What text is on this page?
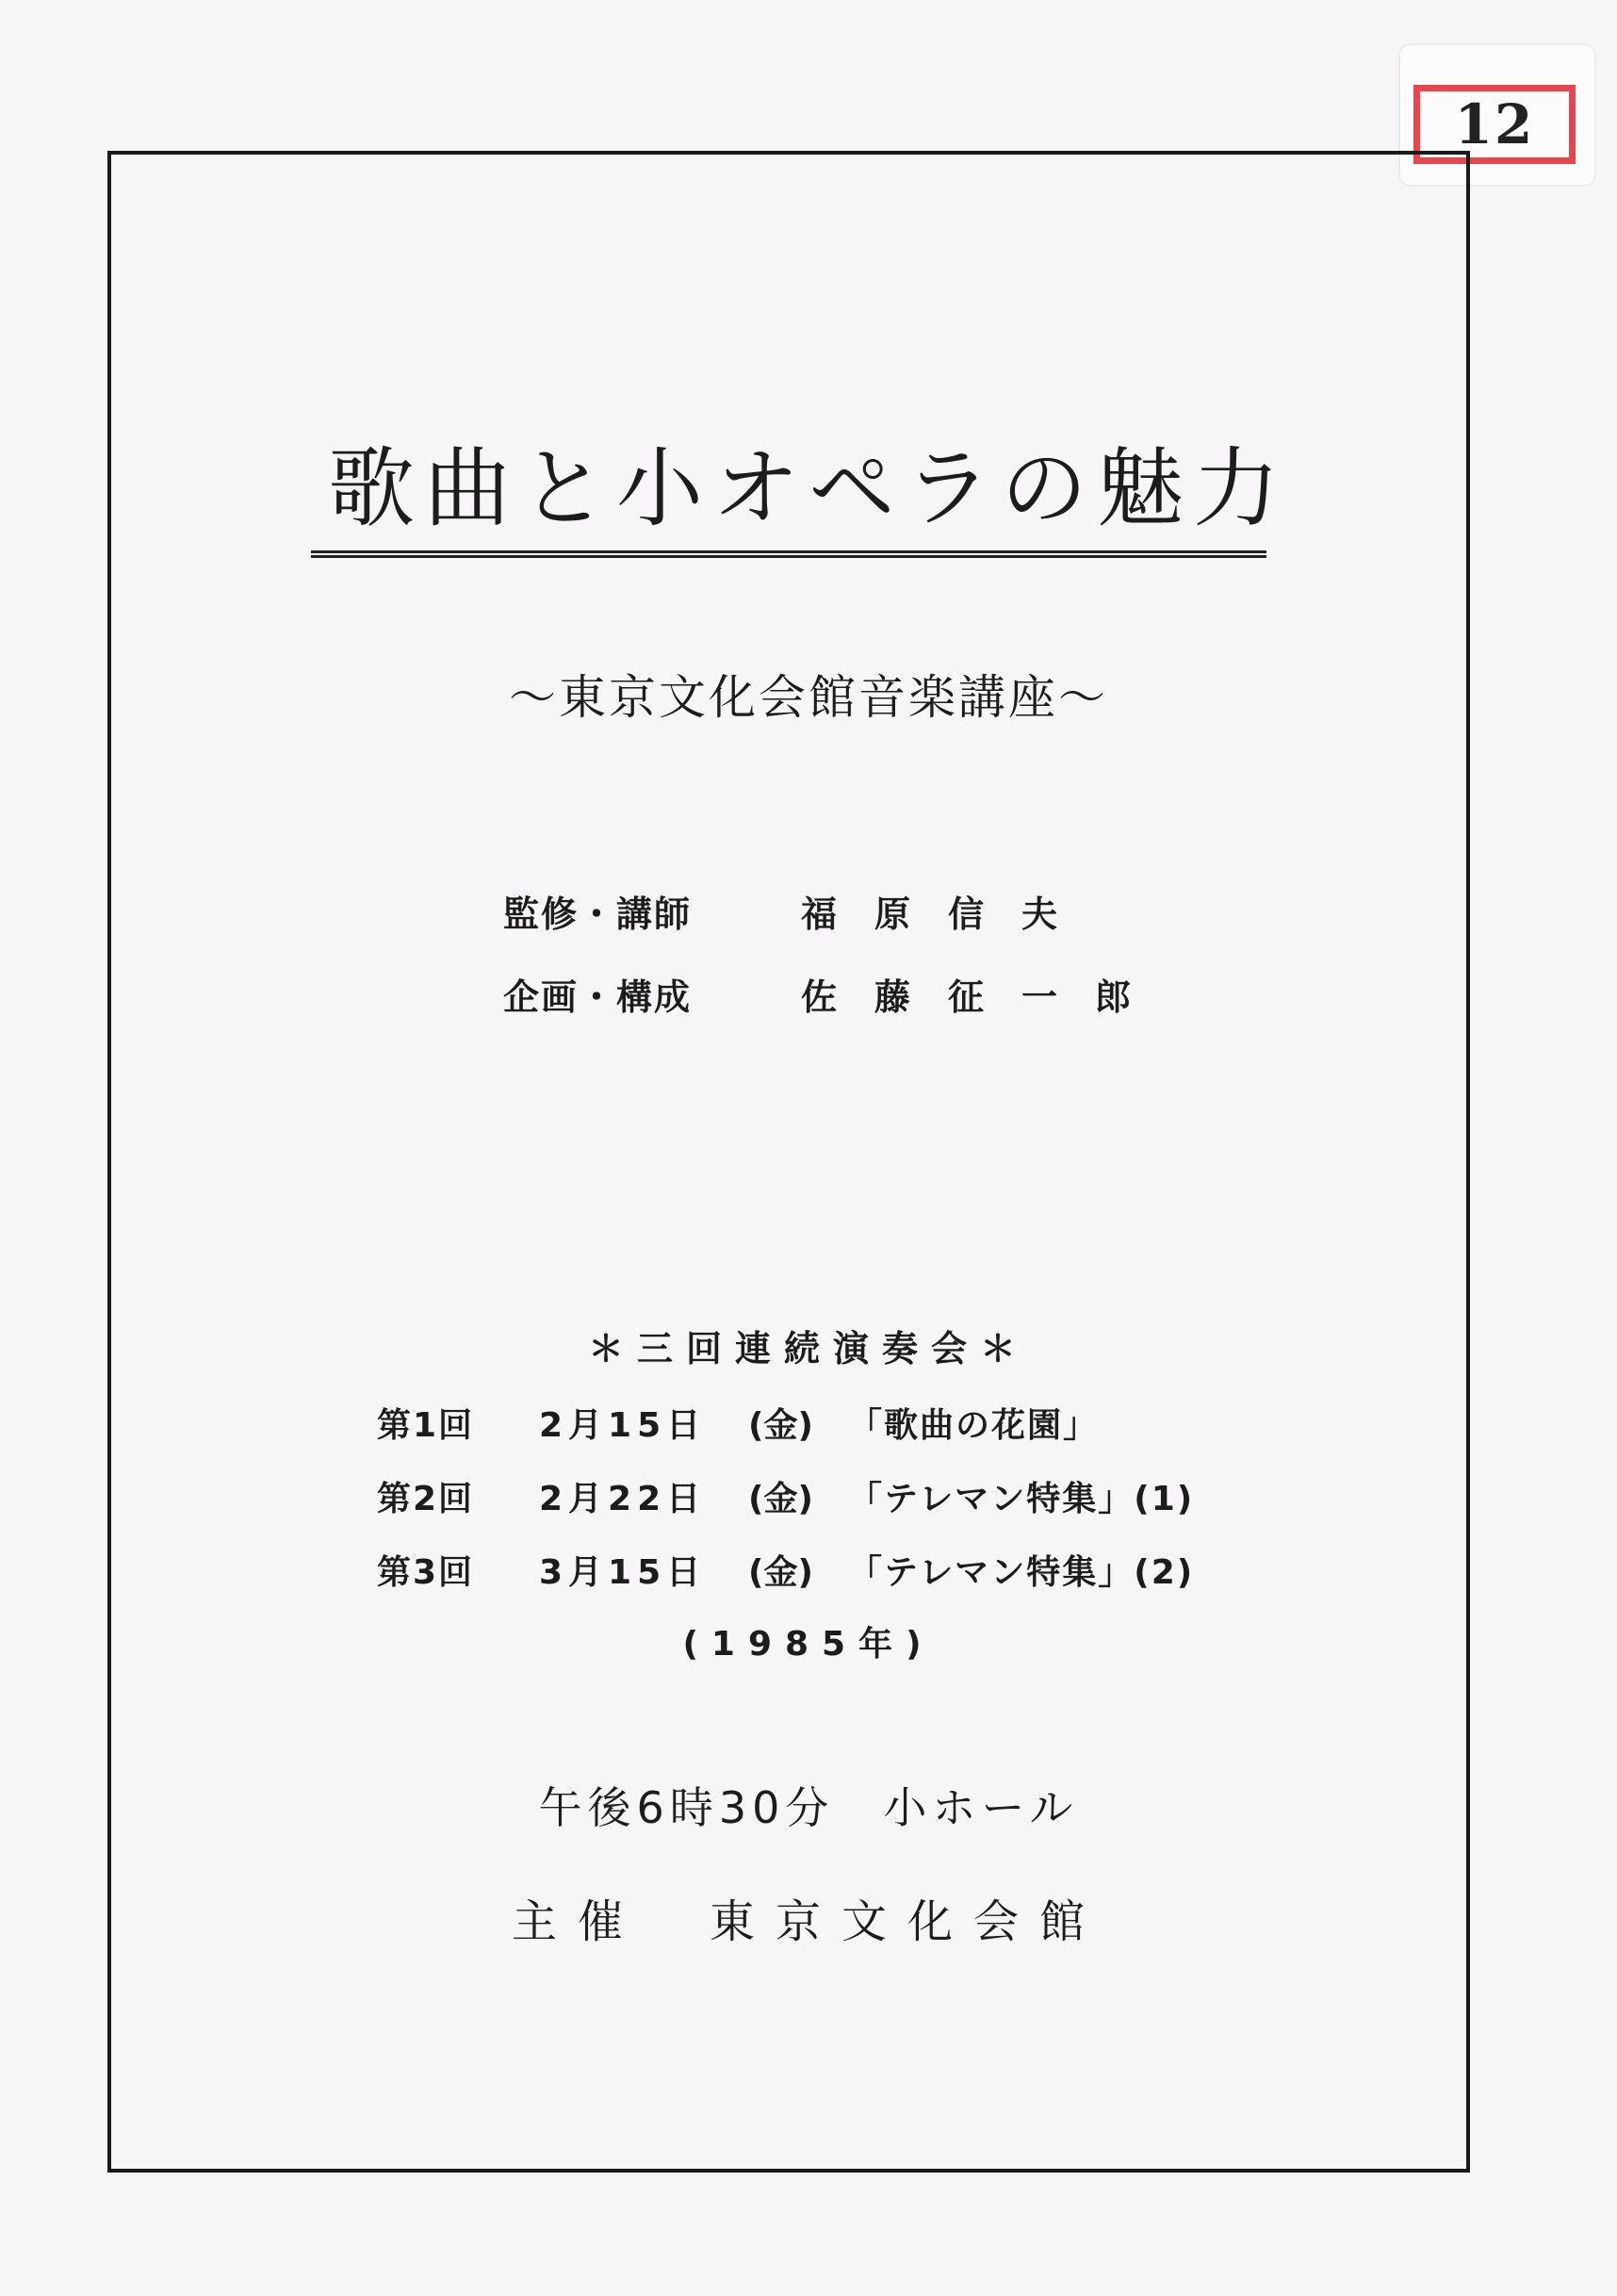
12
歌曲と小オペラの魅力
〜東京文化会館音楽講座〜
監修・講師	福原信夫
企画・構成	佐藤征一郎
＊三回連続演奏会＊
第1回	2月15日	(金)	「歌曲の花園」
第2回	2月22日	(金)	「テレマン特集」(1)
第3回	3月15日	(金)	「テレマン特集」(2)
(1985年)
午後6時30分　小ホール
主催　東京文化会館
